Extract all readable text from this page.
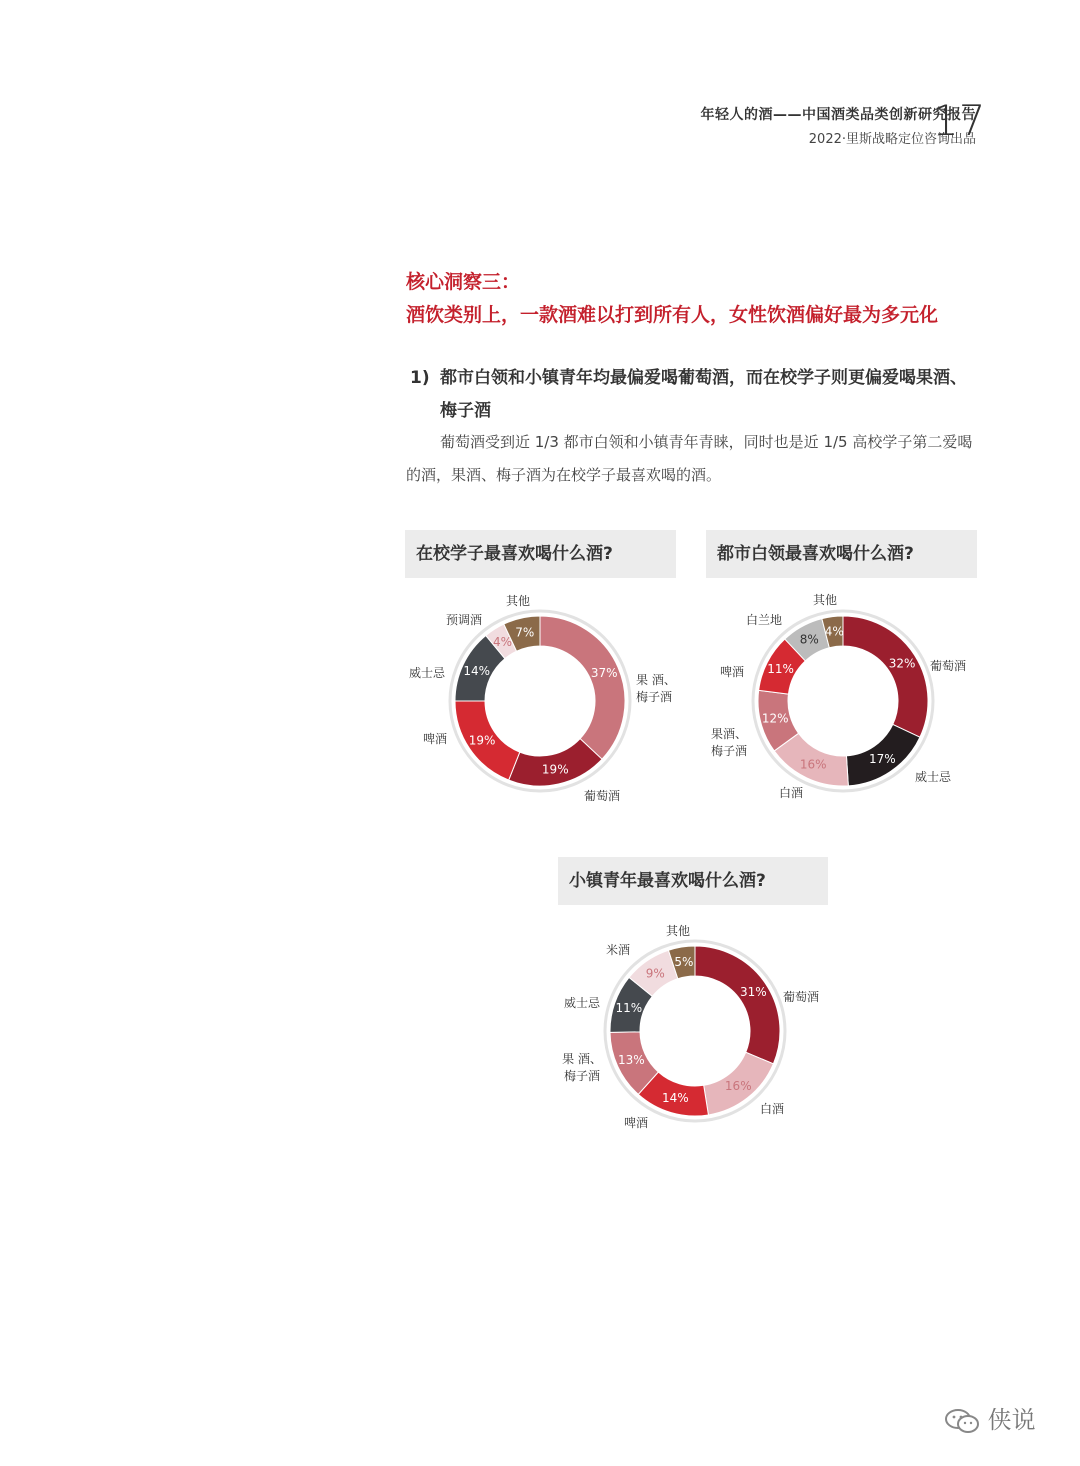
年轻人的酒——中国酒类品类创新研究报告
2022·里斯战略定位咨询出品
17
核心洞察三：
酒饮类别上，一款酒难以打到所有人，女性饮酒偏好最为多元化
1) 都市白领和小镇青年均最偏爱喝葡萄酒，而在校学子则更偏爱喝果酒、
梅子酒
葡萄酒受到近 1/3 都市白领和小镇青年青睐，同时也是近 1/5 高校学子第二爱喝的酒，果酒、梅子酒为在校学子最喜欢喝的酒。
在校学子最喜欢喝什么酒?
37% 果 酒、梅子酒
19%
葡萄酒
19%
啤酒
14%
威士忌
4%
预调酒
7%
其他
都市白领最喜欢喝什么酒?
32% 葡萄酒
17%
威士忌
16%
白酒
12%
果酒、梅子酒
11%
啤酒
8%
白兰地
4%
其他
小镇青年最喜欢喝什么酒?
31% 葡萄酒
16%
白酒
14%
啤酒
13%
果 酒、梅子酒
11%
威士忌
9%
米酒
5%
其他
侠说
